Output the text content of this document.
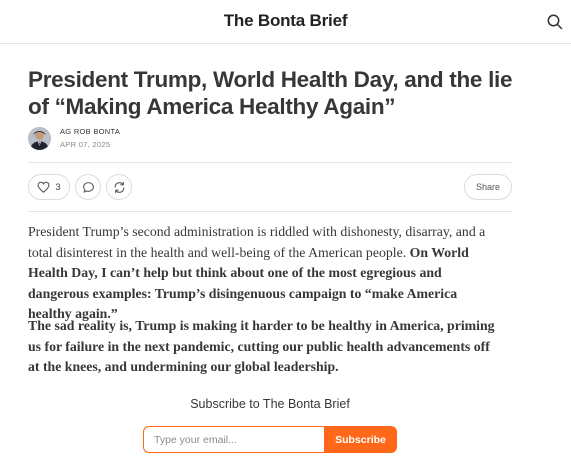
The Bonta Brief
President Trump, World Health Day, and the lie of “Making America Healthy Again”
AG ROB BONTA
APR 07, 2025
3	Share

President Trump’s second administration is riddled with dishonesty, disarray, and a total disinterest in the health and well-being of the American people. On World Health Day, I can’t help but think about one of the most egregious and dangerous examples: Trump’s disingenuous campaign to “make America healthy again.”

The sad reality is, Trump is making it harder to be healthy in America, priming us for failure in the next pandemic, cutting our public health advancements off at the knees, and undermining our global leadership.

Subscribe to The Bonta Brief
Type your email...
Subscribe
